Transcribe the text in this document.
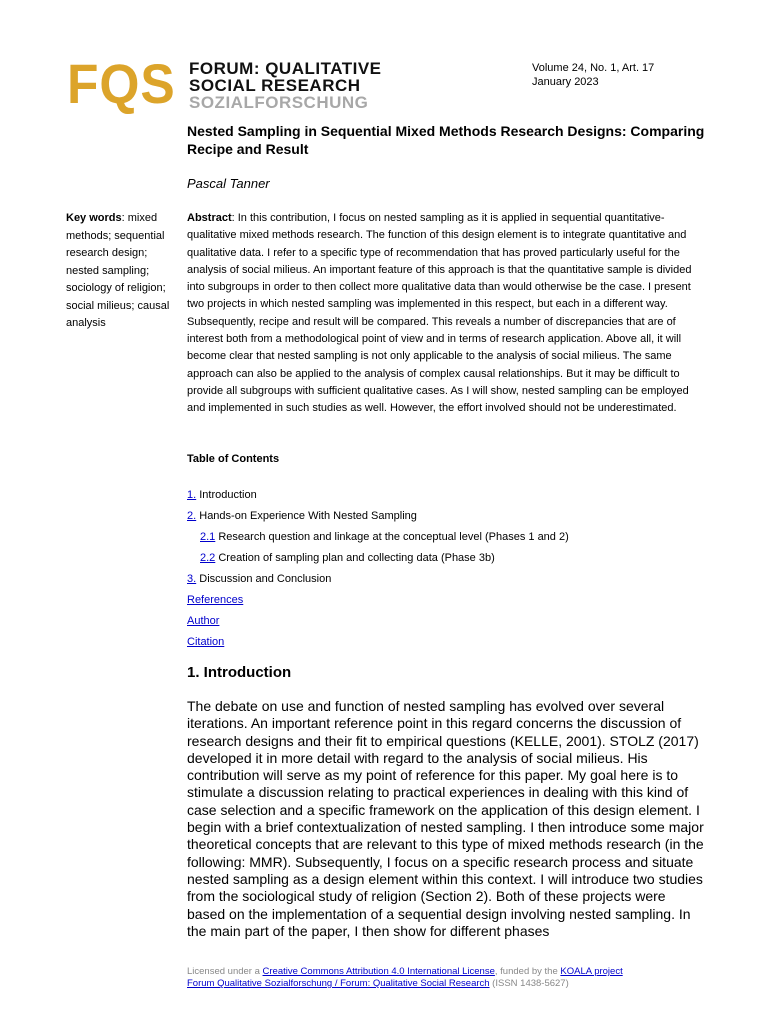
FQS FORUM: QUALITATIVE
SOCIAL RESEARCH
SOZIALFORSCHUNG
Volume 24, No. 1, Art. 17
January 2023
Nested Sampling in Sequential Mixed Methods Research Designs: Comparing Recipe and Result
Pascal Tanner
Key words: mixed methods; sequential research design; nested sampling; sociology of religion; social milieus; causal analysis
Abstract: In this contribution, I focus on nested sampling as it is applied in sequential quantitative-qualitative mixed methods research. The function of this design element is to integrate quantitative and qualitative data. I refer to a specific type of recommendation that has proved particularly useful for the analysis of social milieus. An important feature of this approach is that the quantitative sample is divided into subgroups in order to then collect more qualitative data than would otherwise be the case. I present two projects in which nested sampling was implemented in this respect, but each in a different way. Subsequently, recipe and result will be compared. This reveals a number of discrepancies that are of interest both from a methodological point of view and in terms of research application. Above all, it will become clear that nested sampling is not only applicable to the analysis of social milieus. The same approach can also be applied to the analysis of complex causal relationships. But it may be difficult to provide all subgroups with sufficient qualitative cases. As I will show, nested sampling can be employed and implemented in such studies as well. However, the effort involved should not be underestimated.
Table of Contents
1. Introduction
2. Hands-on Experience With Nested Sampling
2.1 Research question and linkage at the conceptual level (Phases 1 and 2)
2.2 Creation of sampling plan and collecting data (Phase 3b)
3. Discussion and Conclusion
References
Author
Citation
1. Introduction
The debate on use and function of nested sampling has evolved over several iterations. An important reference point in this regard concerns the discussion of research designs and their fit to empirical questions (KELLE, 2001). STOLZ (2017) developed it in more detail with regard to the analysis of social milieus. His contribution will serve as my point of reference for this paper. My goal here is to stimulate a discussion relating to practical experiences in dealing with this kind of case selection and a specific framework on the application of this design element. I begin with a brief contextualization of nested sampling. I then introduce some major theoretical concepts that are relevant to this type of mixed methods research (in the following: MMR). Subsequently, I focus on a specific research process and situate nested sampling as a design element within this context. I will introduce two studies from the sociological study of religion (Section 2). Both of these projects were based on the implementation of a sequential design involving nested sampling. In the main part of the paper, I then show for different phases
Licensed under a Creative Commons Attribution 4.0 International License, funded by the KOALA project
Forum Qualitative Sozialforschung / Forum: Qualitative Social Research (ISSN 1438-5627)
